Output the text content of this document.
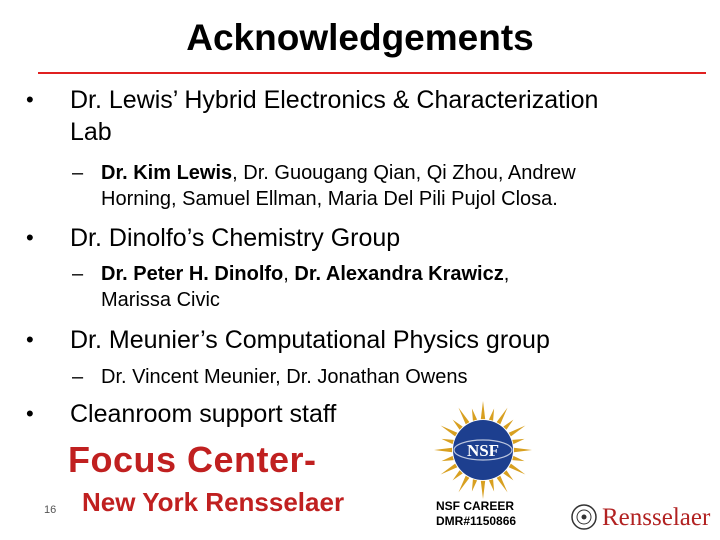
Acknowledgements
• Dr. Lewis’ Hybrid Electronics & Characterization
Lab
– Dr. Kim Lewis, Dr. Guougang Qian, Qi Zhou, Andrew
Horning, Samuel Ellman, Maria Del Pili Pujol Closa.
• Dr. Dinolfo’s Chemistry Group
– Dr. Peter H. Dinolfo, Dr. Alexandra Krawicz,
Marissa Civic
• Dr. Meunier’s Computational Physics group
– Dr. Vincent Meunier, Dr. Jonathan Owens
• Cleanroom support staff
Focus Center-
New York Rensselaer
16
NSF
NSF CAREER
DMR#1150866	Rensselaer
